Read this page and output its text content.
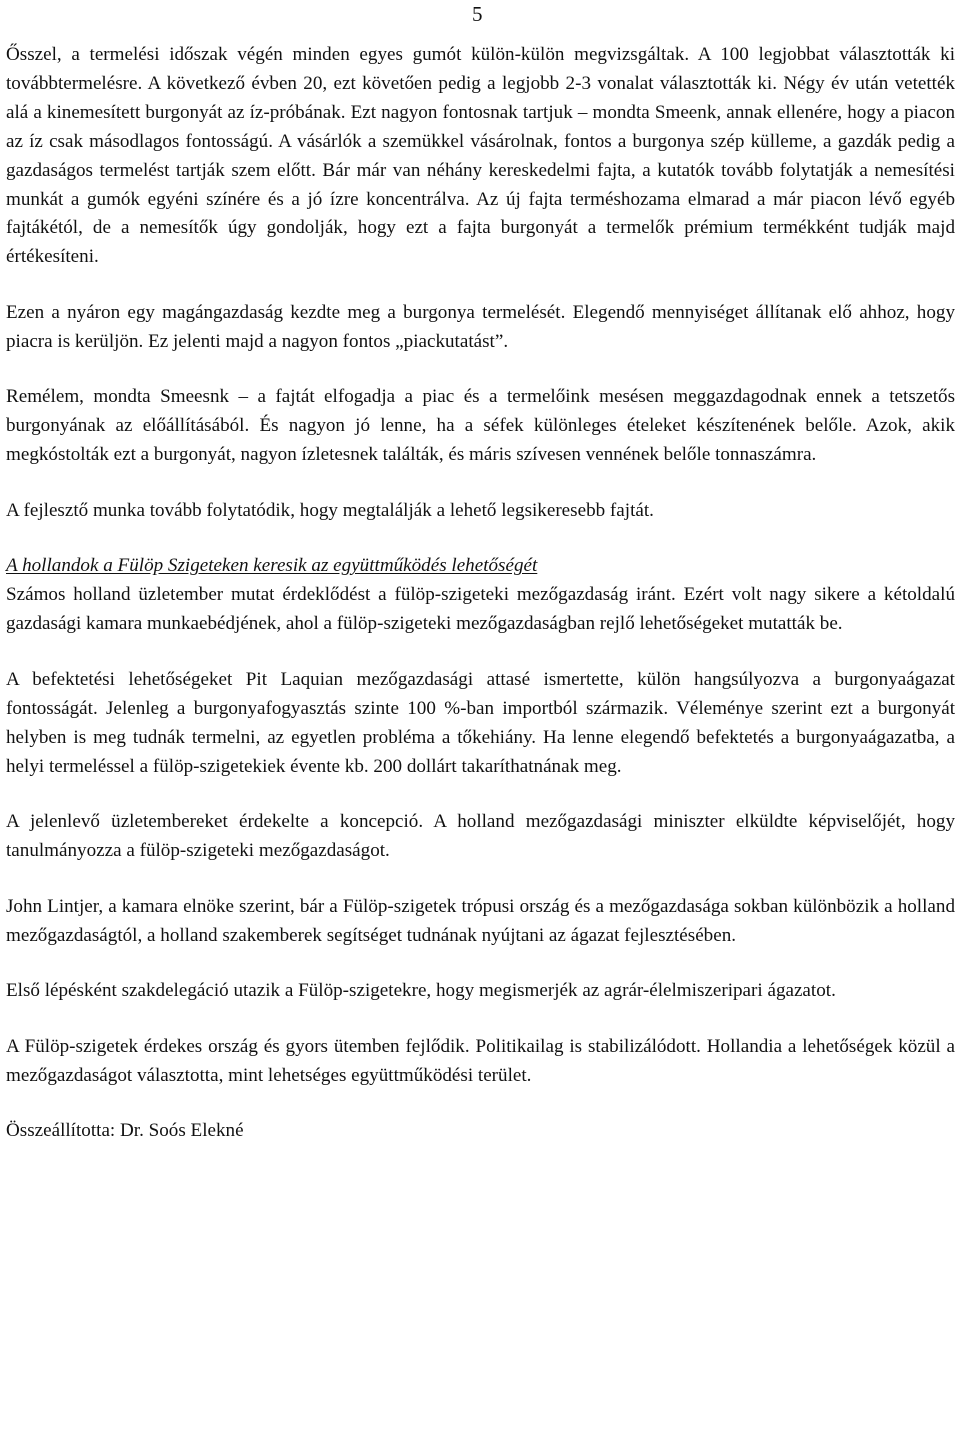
5

Ősszel, a termelési időszak végén minden egyes gumót külön-külön megvizsgáltak. A 100 legjobbat választották ki továbbtermelésre. A következő évben 20, ezt követően pedig a legjobb 2-3 vonalat választották ki. Négy év után vetették alá a kinemesített burgonyát az íz-próbának. Ezt nagyon fontosnak tartjuk – mondta Smeenk, annak ellenére, hogy a piacon az íz csak másodlagos fontosságú. A vásárlók a szemükkel vásárolnak, fontos a burgonya szép külleme, a gazdák pedig a gazdaságos termelést tartják szem előtt. Bár már van néhány kereskedelmi fajta, a kutatók tovább folytatják a nemesítési munkát a gumók egyéni színére és a jó ízre koncentrálva. Az új fajta terméshozama elmarad a már piacon lévő egyéb fajtákétól, de a nemesítők úgy gondolják, hogy ezt a fajta burgonyát a termelők prémium termékként tudják majd értékesíteni.

Ezen a nyáron egy magángazdaság kezdte meg a burgonya termelését. Elegendő mennyiséget állítanak elő ahhoz, hogy piacra is kerüljön. Ez jelenti majd a nagyon fontos „piackutatást”.

Remélem, mondta Smeesnk – a fajtát elfogadja a piac és a termelőink mesésen meggazdagodnak ennek a tetszetős burgonyának az előállításából. És nagyon jó lenne, ha a séfek különleges ételeket készítenének belőle. Azok, akik megkóstolták ezt a burgonyát, nagyon ízletesnek találták, és máris szívesen vennének belőle tonnaszámra.

A fejlesztő munka tovább folytatódik, hogy megtalálják a lehető legsikeresebb fajtát.

A hollandok a Fülöp Szigeteken keresik az együttműködés lehetőségét

Számos holland üzletember mutat érdeklődést a fülöp-szigeteki mezőgazdaság iránt. Ezért volt nagy sikere a kétoldalú gazdasági kamara munkaebédjének, ahol a fülöp-szigeteki mezőgazdaságban rejlő lehetőségeket mutatták be.

A befektetési lehetőségeket Pit Laquian mezőgazdasági attasé ismertette, külön hangsúlyozva a burgonyaágazat fontosságát. Jelenleg a burgonyafogyasztás szinte 100 %-ban importból származik. Véleménye szerint ezt a burgonyát helyben is meg tudnák termelni, az egyetlen probléma a tőkehiány. Ha lenne elegendő befektetés a burgonyaágazatba, a helyi termeléssel a fülöp-szigetekiek évente kb. 200 dollárt takaríthatnának meg.

A jelenlevő üzletembereket érdekelte a koncepció. A holland mezőgazdasági miniszter elküldte képviselőjét, hogy tanulmányozza a fülöp-szigeteki mezőgazdaságot.

John Lintjer, a kamara elnöke szerint, bár a Fülöp-szigetek trópusi ország és a mezőgazdasága sokban különbözik a holland mezőgazdaságtól, a holland szakemberek segítséget tudnának nyújtani az ágazat fejlesztésében.

Első lépésként szakdelegáció utazik a Fülöp-szigetekre, hogy megismerjék az agrár-élelmiszeripari ágazatot.

A Fülöp-szigetek érdekes ország és gyors ütemben fejlődik. Politikailag is stabilizálódott. Hollandia a lehetőségek közül a mezőgazdaságot választotta, mint lehetséges együttműködési terület.

Összeállította: Dr. Soós Elekné
